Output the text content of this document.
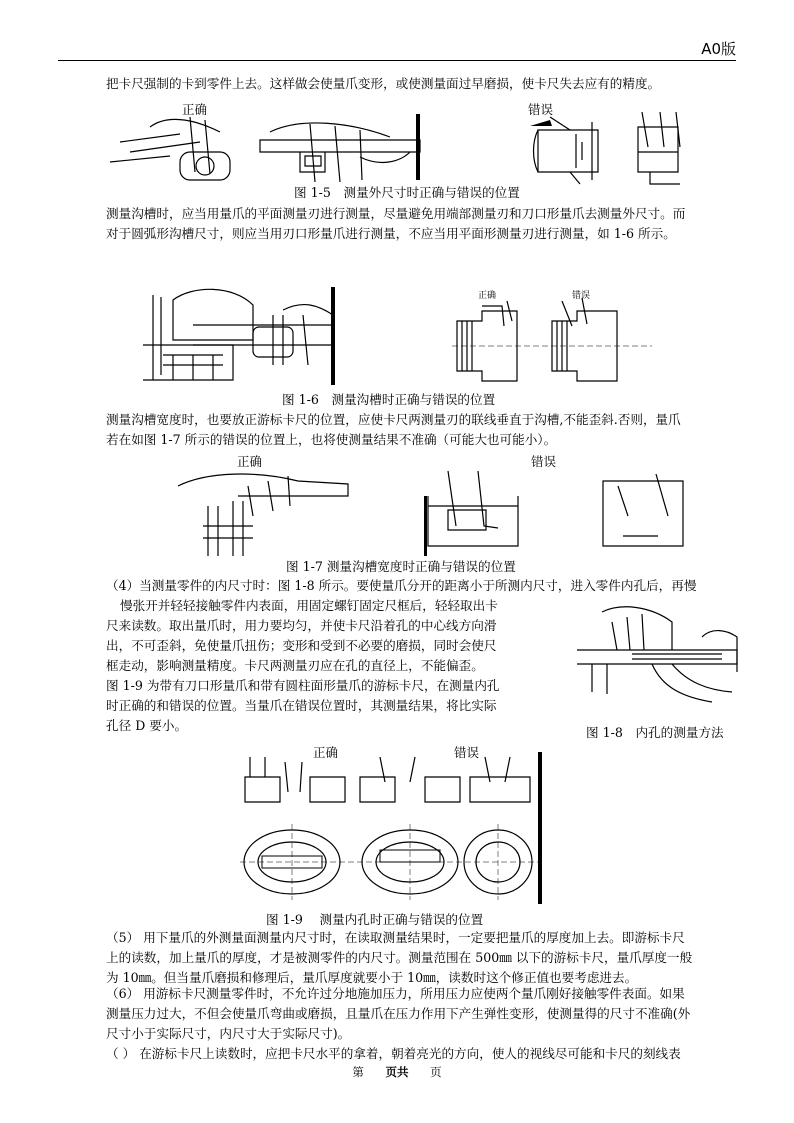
A0版
把卡尺强制的卡到零件上去。这样做会使量爪变形，或使测量面过早磨损，使卡尺失去应有的精度。
正确	错误
图 1-5　测量外尺寸时正确与错误的位置
测量沟槽时，应当用量爪的平面测量刃进行测量，尽量避免用端部测量刃和刀口形量爪去测量外尺寸。而
对于圆弧形沟槽尺寸，则应当用刃口形量爪进行测量，不应当用平面形测量刃进行测量，如 1-6 所示。
正确	错误
图 1-6　测量沟槽时正确与错误的位置
测量沟槽宽度时，也要放正游标卡尺的位置，应使卡尺两测量刃的联线垂直于沟槽,不能歪斜.否则，量爪
若在如图 1-7 所示的错误的位置上，也将使测量结果不准确（可能大也可能小）。
正确	错误
图 1-7 测量沟槽宽度时正确与错误的位置
（4）当测量零件的内尺寸时：图 1-8 所示。要使量爪分开的距离小于所测内尺寸，进入零件内孔后，再慢
慢张开并轻轻接触零件内表面，用固定螺钉固定尺框后，轻轻取出卡
尺来读数。取出量爪时，用力要均匀，并使卡尺沿着孔的中心线方向滑
出，不可歪斜，免使量爪扭伤；变形和受到不必要的磨损，同时会使尺
框走动，影响测量精度。卡尺两测量刃应在孔的直径上，不能偏歪。
图 1-9 为带有刀口形量爪和带有圆柱面形量爪的游标卡尺，在测量内孔
时正确的和错误的位置。当量爪在错误位置时，其测量结果，将比实际
孔径 D 要小。	图 1-8　内孔的测量方法
正确	错误
图 1-9　 测量内孔时正确与错误的位置
（5） 用下量爪的外测量面测量内尺寸时，在读取测量结果时，一定要把量爪的厚度加上去。即游标卡尺
上的读数，加上量爪的厚度，才是被测零件的内尺寸。测量范围在 500㎜ 以下的游标卡尺，量爪厚度一般
为 10㎜。但当量爪磨损和修理后，量爪厚度就要小于 10㎜，读数时这个修正值也要考虑进去。
（6） 用游标卡尺测量零件时，不允许过分地施加压力，所用压力应使两个量爪刚好接触零件表面。如果
测量压力过大，不但会使量爪弯曲或磨损，且量爪在压力作用下产生弹性变形，使测量得的尺寸不准确(外
尺寸小于实际尺寸，内尺寸大于实际尺寸)。
（ ） 在游标卡尺上读数时，应把卡尺水平的拿着，朝着亮光的方向，使人的视线尽可能和卡尺的刻线表
第 页共 页
